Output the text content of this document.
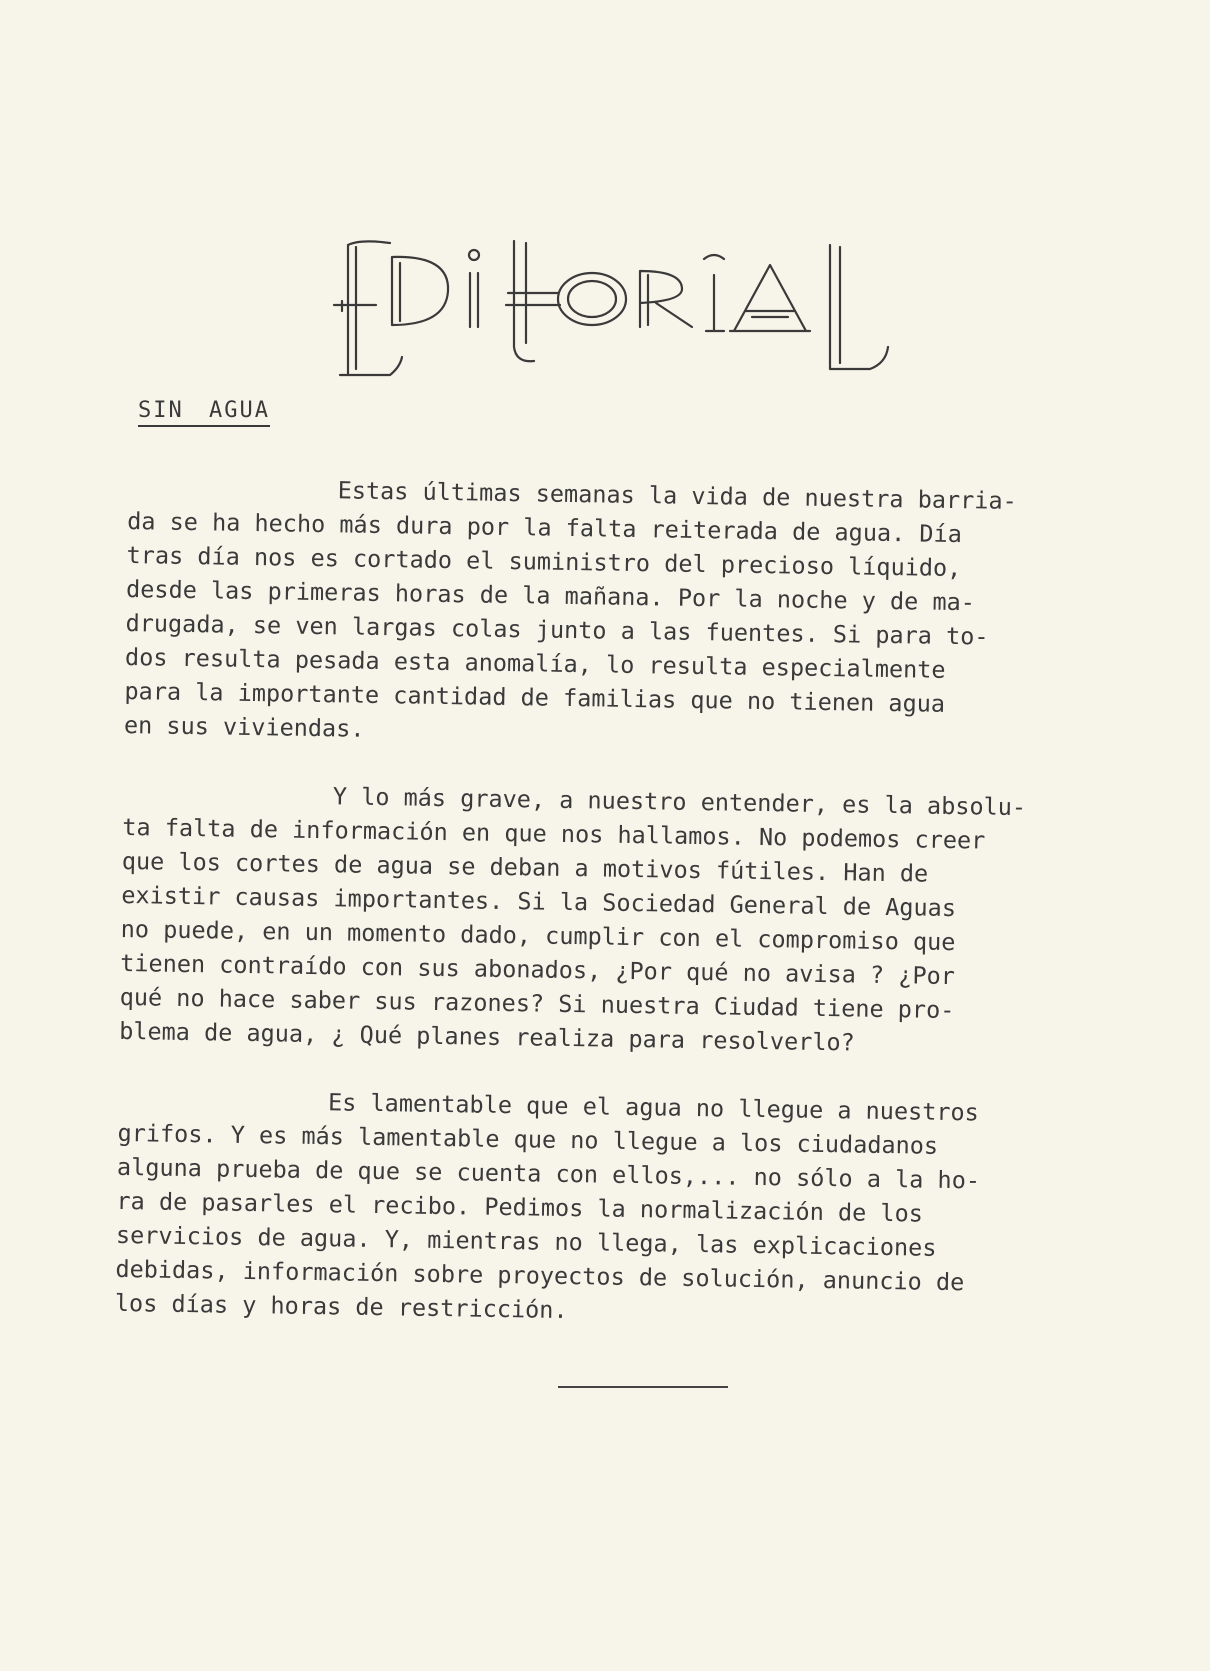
SIN AGUA
Estas últimas semanas la vida de nuestra barria-
da se ha hecho más dura por la falta reiterada de agua. Día
tras día nos es cortado el suministro del precioso líquido,
desde las primeras horas de la mañana. Por la noche y de ma-
drugada, se ven largas colas junto a las fuentes. Si para to-
dos resulta pesada esta anomalía, lo resulta especialmente
para la importante cantidad de familias que no tienen agua
en sus viviendas.
Y lo más grave, a nuestro entender, es la absolu-
ta falta de información en que nos hallamos. No podemos creer
que los cortes de agua se deban a motivos fútiles. Han de
existir causas importantes. Si la Sociedad General de Aguas
no puede, en un momento dado, cumplir con el compromiso que
tienen contraído con sus abonados, ¿Por qué no avisa ? ¿Por
qué no hace saber sus razones? Si nuestra Ciudad tiene pro-
blema de agua, ¿ Qué planes realiza para resolverlo?
Es lamentable que el agua no llegue a nuestros
grifos. Y es más lamentable que no llegue a los ciudadanos
alguna prueba de que se cuenta con ellos,... no sólo a la ho-
ra de pasarles el recibo. Pedimos la normalización de los
servicios de agua. Y, mientras no llega, las explicaciones
debidas, información sobre proyectos de solución, anuncio de
los días y horas de restricción.
